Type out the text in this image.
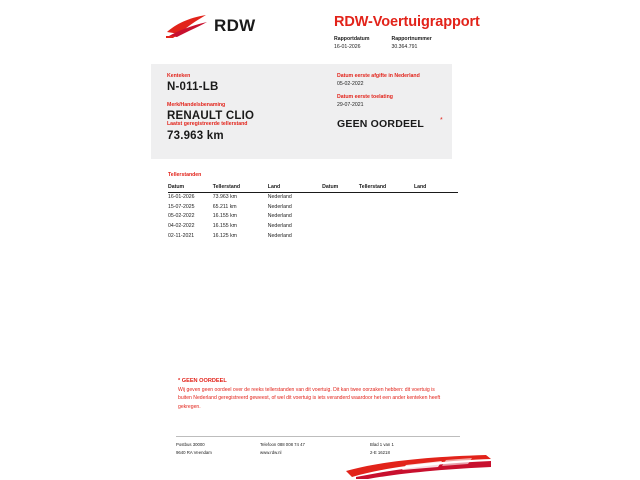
RDW	RDW-Voertuigrapport
Rapportdatum
16-01-2026
Rapportnummer
30.364.791
Kenteken
N-011-LB
Merk/Handelsbenaming
RENAULT CLIO
Datum eerste afgifte in Nederland
05-02-2022
Datum eerste toelating
29-07-2021
GEEN OORDEEL *
Laatst geregistreerde tellerstand
73.963 km
Tellerstanden
Datum	Tellerstand	Land	Datum	Tellerstand	Land
16-01-2026	73.963 km	Nederland			
15-07-2025	65.211 km	Nederland			
05-02-2022	16.155 km	Nederland			
04-02-2022	16.155 km	Nederland			
02-11-2021	16.125 km	Nederland			
* GEEN OORDEEL
Wij geven geen oordeel over de reeks tellerstanden van dit voertuig. Dit kan twee oorzaken hebben: dit voertuig is buiten Nederland geregistreerd geweest, of wel dit voertuig is iets veranderd waardoor het een ander kenteken heeft gekregen.
Postbus 30000
9640 RA Veendam
Telefoon 088 008 74 47
www.rdw.nl
Blad 1 van 1
2-E 16218
